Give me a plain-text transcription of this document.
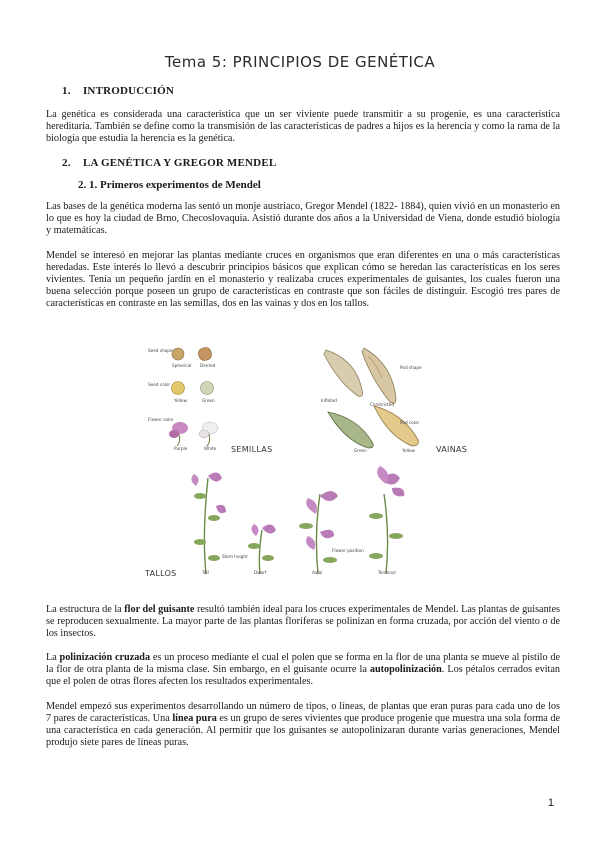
Tema 5: PRINCIPIOS DE GENÉTICA
1. INTRODUCCIÓN

La genética es considerada una característica que un ser viviente puede transmitir a su progenie, es una característica hereditaria. También se define como la transmisión de las características de padres a hijos es la herencia y como la rama de la biología que estudia la herencia es la genética.

2. LA GENÉTICA Y GREGOR MENDEL
2. 1. Primeros experimentos de Mendel

Las bases de la genética moderna las sentó un monje austriaco, Gregor Mendel (1822- 1884), quien vivió en un monasterio en lo que es hoy la ciudad de Brno, Checoslovaquia. Asistió durante dos años a la Universidad de Viena, donde estudió biología y matemáticas.

Mendel se interesó en mejorar las plantas mediante cruces en organismos que eran diferentes en una o más características heredadas. Este interés lo llevó a descubrir principios básicos que explican cómo se heredan las características en los seres vivientes. Tenía un pequeño jardín en el monasterio y realizaba cruces experimentales de guisantes, los cuales fueron una buena selección porque poseen un grupo de características en contraste que son fáciles de distinguir. Escogió tres pares de características en contraste en las semillas, dos en las vainas y dos en los tallos.

Seed shape
Spherical Dented
Seed color
Yellow	Green
Flower color
Purple	White SEMILLAS
Pod shape
Inflated
Constricted
Pod color
Green	Yellow	VAINAS
Stem height
Tall	Dwarf
Flower position
Axial	Terminal
TALLOS

La estructura de la flor del guisante resultó también ideal para los cruces experimentales de Mendel. Las plantas de guisantes se reproducen sexualmente. La mayor parte de las plantas floríferas se polinizan en forma cruzada, por acción del viento o de los insectos.

La polinización cruzada es un proceso mediante el cual el polen que se forma en la flor de una planta se mueve al pistilo de la flor de otra planta de la misma clase. Sin embargo, en el guisante ocurre la autopolinización. Los pétalos cerrados evitan que el polen de otras flores afecten los resultados experimentales.

Mendel empezó sus experimentos desarrollando un número de tipos, o líneas, de plantas que eran puras para cada uno de los 7 pares de características. Una línea pura es un grupo de seres vivientes que produce progenie que muestra una sola forma de una característica en cada generación. Al permitir que los guisantes se autopolinizaran durante varias generaciones, Mendel produjo siete pares de líneas puras.

1
